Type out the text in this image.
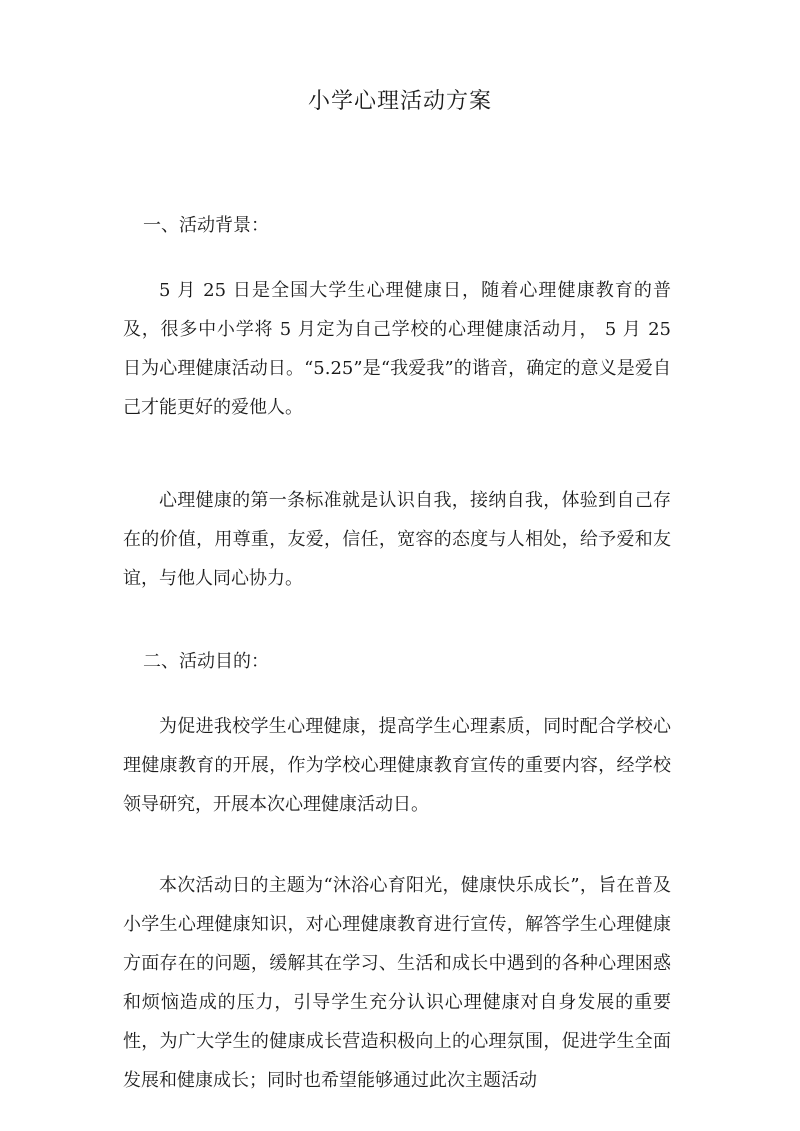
小学心理活动方案
一、活动背景：
5 月 25 日是全国大学生心理健康日，随着心理健康教育的普及，很多中小学将 5 月定为自己学校的心理健康活动月， 5 月 25 日为心理健康活动日。“5.25”是“我爱我”的谐音，确定的意义是爱自己才能更好的爱他人。
心理健康的第一条标准就是认识自我，接纳自我，体验到自己存在的价值，用尊重，友爱，信任，宽容的态度与人相处，给予爱和友谊，与他人同心协力。
二、活动目的：
为促进我校学生心理健康，提高学生心理素质，同时配合学校心理健康教育的开展，作为学校心理健康教育宣传的重要内容，经学校领导研究，开展本次心理健康活动日。
本次活动日的主题为“沐浴心育阳光，健康快乐成长”，旨在普及小学生心理健康知识，对心理健康教育进行宣传，解答学生心理健康方面存在的问题，缓解其在学习、生活和成长中遇到的各种心理困惑和烦恼造成的压力，引导学生充分认识心理健康对自身发展的重要性，为广大学生的健康成长营造积极向上的心理氛围，促进学生全面发展和健康成长；同时也希望能够通过此次主题活动
